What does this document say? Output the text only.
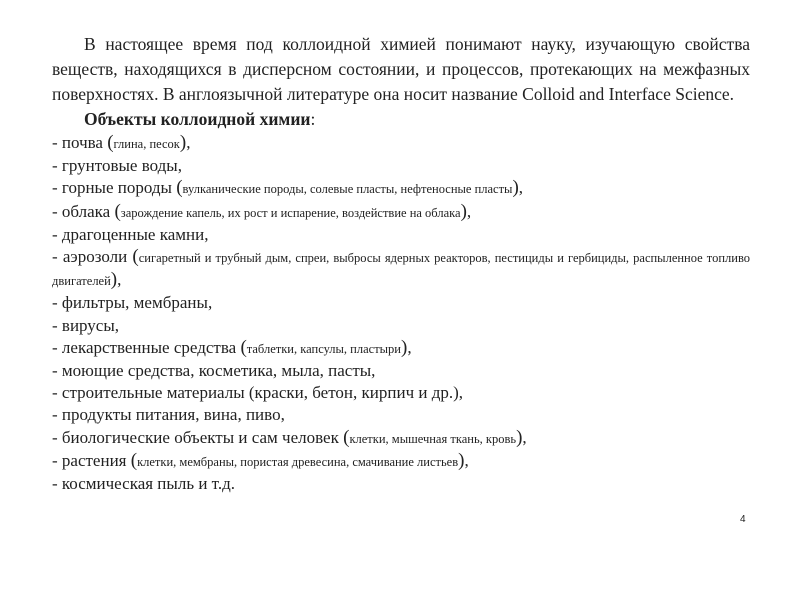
В настоящее время под коллоидной химией понимают науку, изучающую свойства веществ, находящихся в дисперсном состоянии, и процессов, протекающих на межфазных поверхностях. В англоязычной литературе она носит название Colloid and Interface Science.

Объекты коллоидной химии:

- почва (глина, песок),
- грунтовые воды,
- горные породы (вулканические породы, солевые пласты, нефтеносные пласты),
- облака (зарождение капель, их рост и испарение, воздействие на облака),
- драгоценные камни,
- аэрозоли (сигаретный и трубный дым, спреи, выбросы ядерных реакторов, пестициды и гербициды, распыленное топливо двигателей),
- фильтры, мембраны,
- вирусы,
- лекарственные средства (таблетки, капсулы, пластыри),
- моющие средства, косметика, мыла, пасты,
- строительные материалы (краски, бетон, кирпич и др.),
- продукты питания, вина, пиво,
- биологические объекты и сам человек (клетки, мышечная ткань, кровь),
- растения (клетки, мембраны, пористая древесина, смачивание листьев),
- космическая пыль и т.д.
4
